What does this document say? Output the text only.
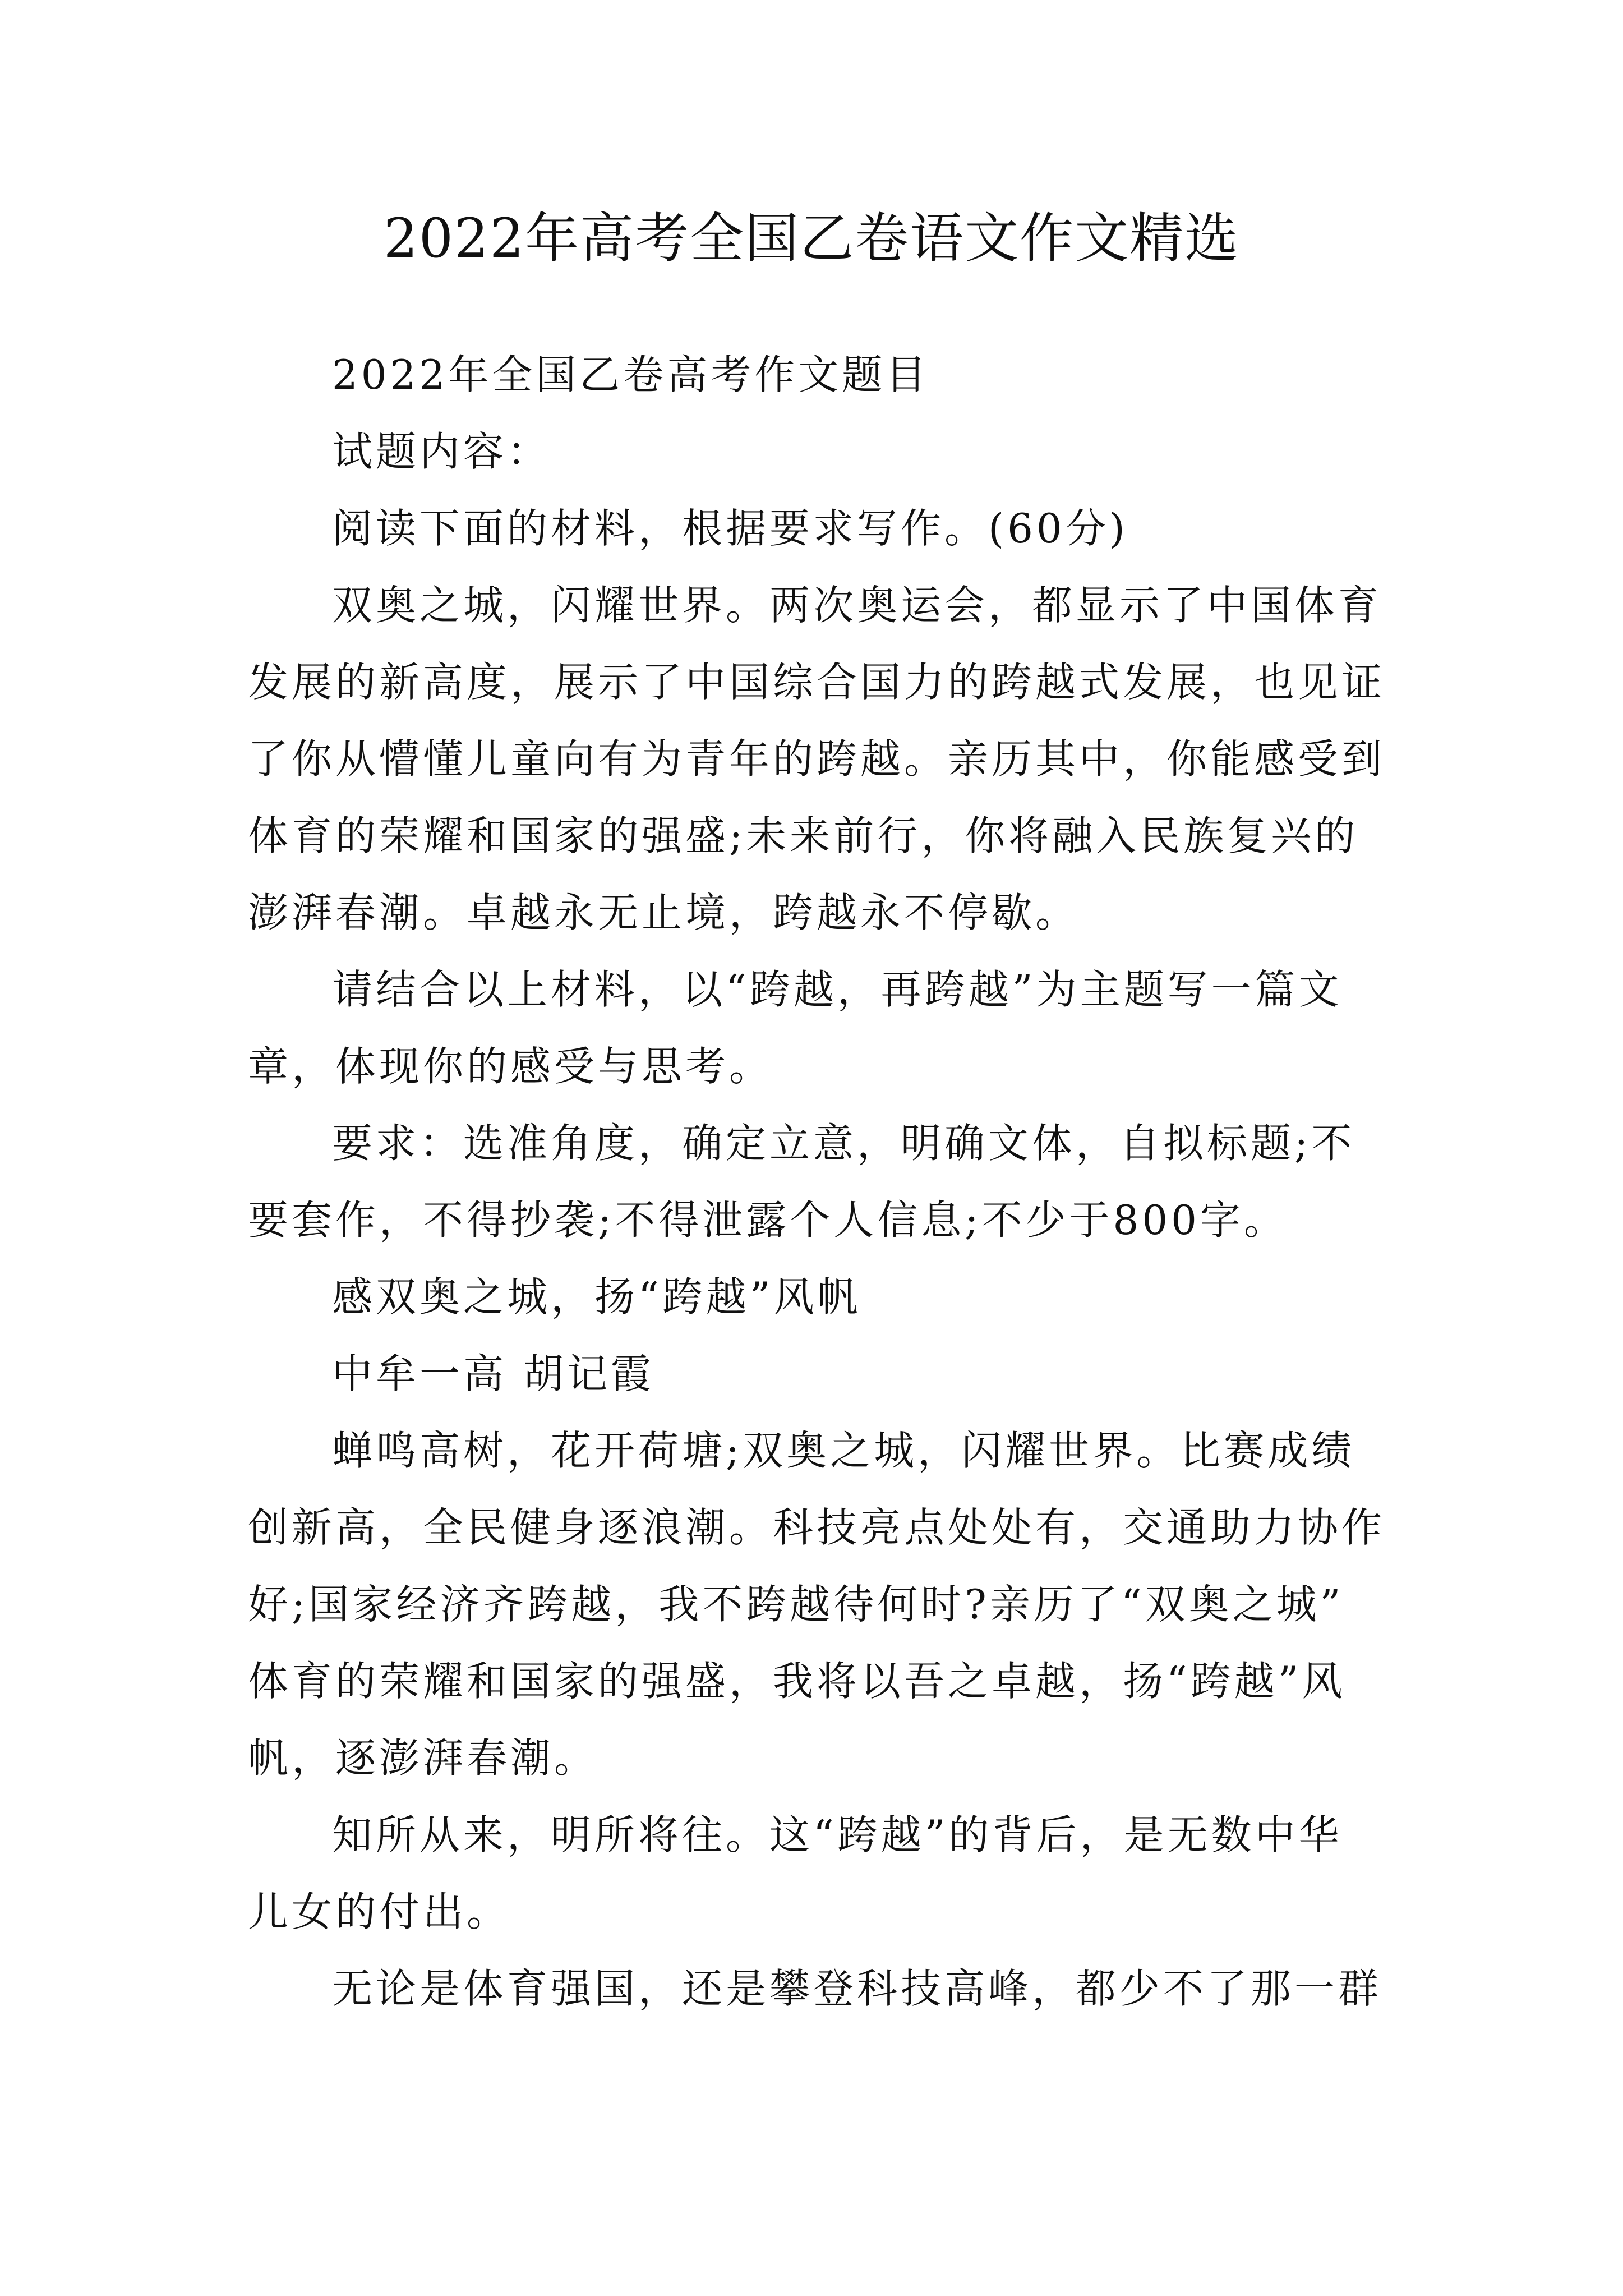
2022年高考全国乙卷语文作文精选
2022年全国乙卷高考作文题目
试题内容：
阅读下面的材料，根据要求写作。(60分)
双奥之城，闪耀世界。两次奥运会，都显示了中国体育
发展的新高度，展示了中国综合国力的跨越式发展，也见证
了你从懵懂儿童向有为青年的跨越。亲历其中，你能感受到
体育的荣耀和国家的强盛;未来前行，你将融入民族复兴的
澎湃春潮。卓越永无止境，跨越永不停歇。
请结合以上材料，以“跨越，再跨越”为主题写一篇文
章，体现你的感受与思考。
要求：选准角度，确定立意，明确文体，自拟标题;不
要套作，不得抄袭;不得泄露个人信息;不少于800字。
感双奥之城，扬“跨越”风帆
中牟一高 胡记霞
蝉鸣高树，花开荷塘;双奥之城，闪耀世界。比赛成绩
创新高，全民健身逐浪潮。科技亮点处处有，交通助力协作
好;国家经济齐跨越，我不跨越待何时?亲历了“双奥之城”
体育的荣耀和国家的强盛，我将以吾之卓越，扬“跨越”风
帆，逐澎湃春潮。
知所从来，明所将往。这“跨越”的背后，是无数中华
儿女的付出。
无论是体育强国，还是攀登科技高峰，都少不了那一群
